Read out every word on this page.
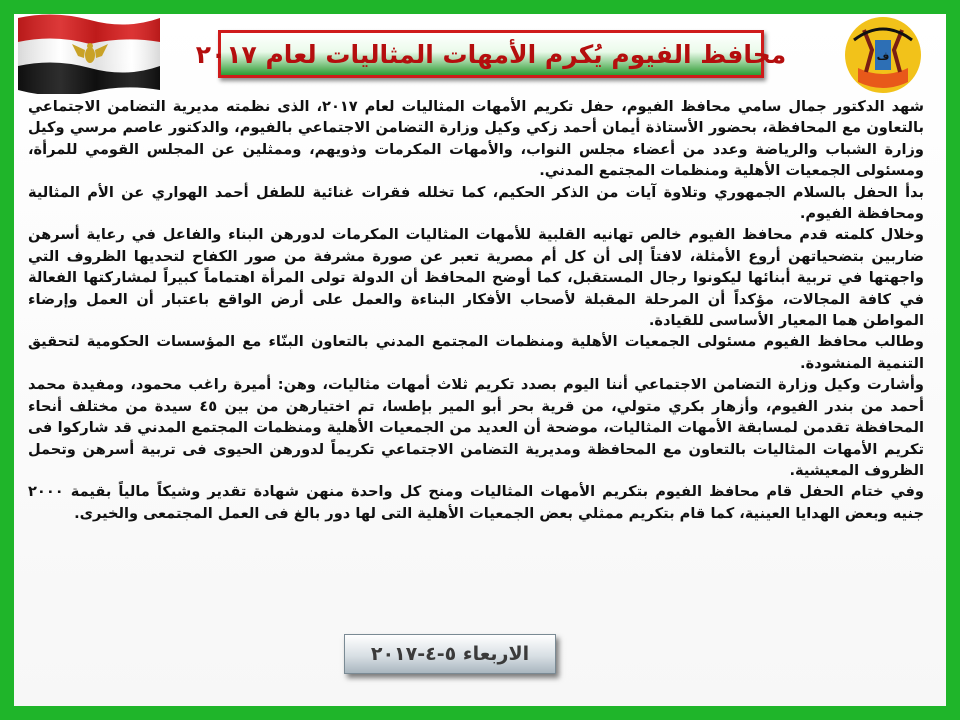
ف
محافظ الفيوم يُكرم الأمهات المثاليات لعام ٢٠١٧

شهد الدكتور جمال سامي محافظ الفيوم، حفل تكريم الأمهات المثاليات لعام ٢٠١٧، الذى نظمته مديرية التضامن الاجتماعي بالتعاون مع المحافظة، بحضور الأستاذة أيمان أحمد زكي وكيل وزارة التضامن الاجتماعي بالفيوم، والدكتور عاصم مرسي وكيل وزارة الشباب والرياضة وعدد من أعضاء مجلس النواب، والأمهات المكرمات وذويهم، وممثلين عن المجلس القومي للمرأة، ومسئولى الجمعيات الأهلية ومنظمات المجتمع المدني.

بدأ الحفل بالسلام الجمهوري وتلاوة آيات من الذكر الحكيم، كما تخلله فقرات غنائية للطفل أحمد الهواري عن الأم المثالية ومحافظة الفيوم.

وخلال كلمته قدم محافظ الفيوم خالص تهانيه القلبية للأمهات المثاليات المكرمات لدورهن البناء والفاعل في رعاية أسرهن ضاربين بتضحياتهن أروع الأمثلة، لافتاً إلى أن كل أم مصرية تعبر عن صورة مشرفة من صور الكفاح لتحديها الظروف التي واجهتها في تربية أبنائها ليكونوا رجال المستقبل، كما أوضح المحافظ أن الدولة تولى المرأة اهتماماً كبيراً لمشاركتها الفعالة في كافة المجالات، مؤكداً أن المرحلة المقبلة لأصحاب الأفكار البناءة والعمل على أرض الواقع باعتبار أن العمل وإرضاء المواطن هما المعيار الأساسى للقيادة.

وطالب محافظ الفيوم مسئولى الجمعيات الأهلية ومنظمات المجتمع المدني بالتعاون البنّاء مع المؤسسات الحكومية لتحقيق التنمية المنشودة.

وأشارت وكيل وزارة التضامن الاجتماعي أننا اليوم بصدد تكريم ثلاث أمهات مثاليات، وهن: أميرة راغب محمود، ومفيدة محمد أحمد من بندر الفيوم، وأزهار بكري متولي، من قرية بحر أبو المير بإطسا، تم اختيارهن من بين ٤٥ سيدة من مختلف أنحاء المحافظة تقدمن لمسابقة الأمهات المثاليات، موضحة أن العديد من الجمعيات الأهلية ومنظمات المجتمع المدني قد شاركوا فى تكريم الأمهات المثاليات بالتعاون مع المحافظة ومديرية التضامن الاجتماعي تكريماً لدورهن الحيوى فى تربية أسرهن وتحمل الظروف المعيشية.

وفي ختام الحفل قام محافظ الفيوم بتكريم الأمهات المثاليات ومنح كل واحدة منهن شهادة تقدير وشيكاً مالياً بقيمة ٢٠٠٠ جنيه وبعض الهدايا العينية، كما قام بتكريم ممثلي بعض الجمعيات الأهلية التى لها دور بالغ فى العمل المجتمعى والخيرى.

الاربعاء ٥-٤-٢٠١٧
